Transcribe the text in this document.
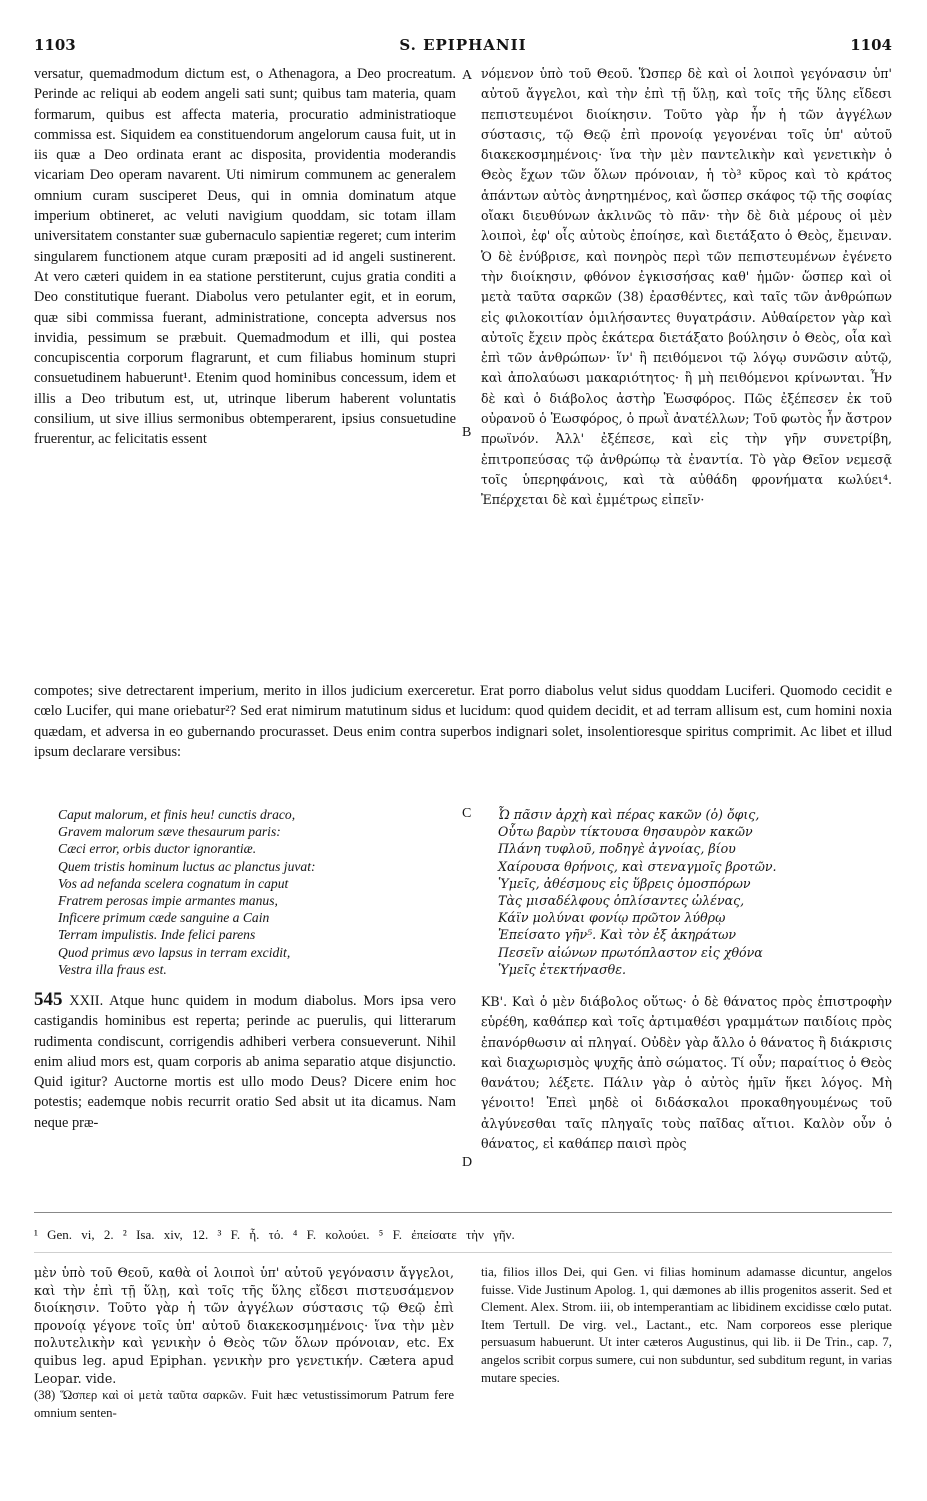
1103	S. EPIPHANII	1104

versatur, quemadmodum dictum est, o Athenagora, a Deo procreatum. Perinde ac reliqui ab eodem angeli sati sunt; quibus tam materia, quam formarum, quibus est affecta materia, procuratio administratioque commissa est. Siquidem ea constituendorum angelorum causa fuit, ut in iis quæ a Deo ordinata erant ac disposita, providentia moderandis vicariam Deo operam navarent. Uti nimirum communem ac generalem omnium curam susciperet Deus, qui in omnia dominatum atque imperium obtineret, ac veluti navigium quoddam, sic totam illam universitatem constanter suæ gubernaculo sapientiæ regeret; cum interim singularem functionem atque curam præpositi ad id angeli sustinerent. At vero cæteri quidem in ea statione perstiterunt, cujus gratia conditi a Deo constitutique fuerant. Diabolus vero petulanter egit, et in eorum, quæ sibi commissa fuerant, administratione, concepta adversus nos invidia, pessimum se præbuit. Quemadmodum et illi, qui postea concupiscentia corporum flagrarunt, et cum filiabus hominum stupri consuetudinem habuerunt¹. Etenim quod hominibus concessum, idem et illis a Deo tributum est, ut, utrinque liberum haberent voluntatis consilium, ut sive illius sermonibus obtemperarent, ipsius consuetudine fruerentur, ac felicitatis essent

A
B

νόμενον ὑπὸ τοῦ Θεοῦ. Ὥσπερ δὲ καὶ οἱ λοιποὶ γεγόνασιν ὑπ' αὐτοῦ ἄγγελοι, καὶ τὴν ἐπὶ τῇ ὕλῃ, καὶ τοῖς τῆς ὕλης εἴδεσι πεπιστευμένοι διοίκησιν. Τοῦτο γὰρ ἦν ἡ τῶν ἀγγέλων σύστασις, τῷ Θεῷ ἐπὶ προνοίᾳ γεγονέναι τοῖς ὑπ' αὐτοῦ διακεκοσμημένοις· ἵνα τὴν μὲν παντελικὴν καὶ γενετικὴν ὁ Θεὸς ἔχων τῶν ὅλων πρόνοιαν, ἡ τὸ³ κῦρος καὶ τὸ κράτος ἁπάντων αὐτὸς ἀνηρτημένος, καὶ ὥσπερ σκάφος τῷ τῆς σοφίας οἴακι διευθύνων ἀκλινῶς τὸ πᾶν· τὴν δὲ διὰ μέρους οἱ μὲν λοιποὶ, ἐφ' οἷς αὐτοὺς ἐποίησε, καὶ διετάξατο ὁ Θεὸς, ἔμειναν. Ὁ δὲ ἐνύβρισε, καὶ πονηρὸς περὶ τῶν πεπιστευμένων ἐγένετο τὴν διοίκησιν, φθόνον ἐγκισσήσας καθ' ἡμῶν· ὥσπερ καὶ οἱ μετὰ ταῦτα σαρκῶν (38) ἐρασθέντες, καὶ ταῖς τῶν ἀνθρώπων εἰς φιλοκοιτίαν ὁμιλήσαντες θυγατράσιν. Αὐθαίρετον γὰρ καὶ αὐτοῖς ἔχειν πρὸς ἑκάτερα διετάξατο βούλησιν ὁ Θεὸς, οἷα καὶ ἐπὶ τῶν ἀνθρώπων· ἵν' ἢ πειθόμενοι τῷ λόγῳ συνῶσιν αὐτῷ, καὶ ἀπολαύωσι μακαριότητος· ἢ μὴ πειθόμενοι κρίνωνται. Ἦν δὲ καὶ ὁ διάβολος ἀστὴρ Ἑωσφόρος. Πῶς ἐξέπεσεν ἐκ τοῦ οὐρανοῦ ὁ Ἑωσφόρος, ὁ πρωῒ ἀνατέλλων; Τοῦ φωτὸς ἦν ἄστρον πρωϊνόν. Ἀλλ' ἐξέπεσε, καὶ εἰς τὴν γῆν συνετρίβη, ἐπιτροπεύσας τῷ ἀνθρώπῳ τὰ ἐναντία. Τὸ γὰρ Θεῖον νεμεσᾷ τοῖς ὑπερηφάνοις, καὶ τὰ αὐθάδη φρονήματα κωλύει⁴. Ἐπέρχεται δὲ καὶ ἐμμέτρως εἰπεῖν·

compotes; sive detrectarent imperium, merito in illos judicium exerceretur. Erat porro diabolus velut sidus quoddam Luciferi. Quomodo cecidit e cœlo Lucifer, qui mane oriebatur²? Sed erat nimirum matutinum sidus et lucidum: quod quidem decidit, et ad terram allisum est, cum homini noxia quædam, et adversa in eo gubernando procurasset. Deus enim contra superbos indignari solet, insolentioresque spiritus comprimit. Ac libet et illud ipsum declarare versibus:
Caput malorum, et finis heu! cunctis draco,
Gravem malorum sæve thesaurum paris:
Cæci error, orbis ductor ignorantiæ.
Quem tristis hominum luctus ac planctus juvat:
Vos ad nefanda scelera cognatum in caput
Fratrem perosas impie armantes manus,
Inficere primum cæde sanguine a Cain
Terram impulistis. Inde felici parens
Quod primus ævo lapsus in terram excidit,
Vestra illa fraus est.
C Ὦ πᾶσιν ἀρχὴ καὶ πέρας κακῶν (ὁ) ὄφις,
Οὗτω βαρὺν τίκτουσα θησαυρὸν κακῶν
Πλάνη τυφλοῦ, ποδηγὲ ἀγνοίας, βίου
Χαίρουσα θρήνοις, καὶ στεναγμοῖς βροτῶν.
Ὑμεῖς, ἀθέσμους εἰς ὕβρεις ὁμοσπόρων
Τὰς μισαδέλφους ὁπλίσαντες ὠλένας,
Κάϊν μολύναι φονίῳ πρῶτον λύθρῳ
Ἐπείσατο γῆν⁵. Καὶ τὸν ἐξ ἀκηράτων
Πεσεῖν αἰώνων πρωτόπλαστον εἰς χθόνα
Ὑμεῖς ἐτεκτήνασθε.

545 XXII. Atque hunc quidem in modum diabolus. Mors ipsa vero castigandis hominibus est reperta; perinde ac puerulis, qui litterarum rudimenta condiscunt, corrigendis adhiberi verbera consueverunt. Nihil enim aliud mors est, quam corporis ab anima separatio atque disjunctio. Quid igitur? Auctorne mortis est ullo modo Deus? Dicere enim hoc potestis; eademque nobis recurrit oratio Sed absit ut ita dicamus. Nam neque præ-

D

ΚΒ'. Καὶ ὁ μὲν διάβολος οὕτως· ὁ δὲ θάνατος πρὸς ἐπιστροφὴν εὑρέθη, καθάπερ καὶ τοῖς ἀρτιμαθέσι γραμμάτων παιδίοις πρὸς ἐπανόρθωσιν αἱ πληγαί. Οὐδὲν γὰρ ἄλλο ὁ θάνατος ἢ διάκρισις καὶ διαχωρισμὸς ψυχῆς ἀπὸ σώματος. Τί οὖν; παραίτιος ὁ Θεὸς θανάτου; λέξετε. Πάλιν γὰρ ὁ αὐτὸς ἡμῖν ἥκει λόγος. Μὴ γένοιτο! Ἐπεὶ μηδὲ οἱ διδάσκαλοι προκαθηγουμένως τοῦ ἀλγύνεσθαι ταῖς πληγαῖς τοὺς παῖδας αἴτιοι. Καλὸν οὖν ὁ θάνατος, εἰ καθάπερ παισὶ πρὸς

¹ Gen. vi, 2. ² Isa. xiv, 12. ³ F. ἧ. τό. ⁴ F. κολούει. ⁵ F. ἐπείσατε τὴν γῆν.

μὲν ὑπὸ τοῦ Θεοῦ, καθὰ οἱ λοιποὶ ὑπ' αὐτοῦ γεγόνασιν ἄγγελοι, καὶ τὴν ἐπὶ τῇ ὕλῃ, καὶ τοῖς τῆς ὕλης εἴδεσι πιστευσάμενον διοίκησιν. Τοῦτο γὰρ ἡ τῶν ἀγγέλων σύστασις τῷ Θεῷ ἐπὶ προνοίᾳ γέγονε τοῖς ὑπ' αὐτοῦ διακεκοσμημένοις· ἵνα τὴν μὲν πολυτελικὴν καὶ γενικὴν ὁ Θεὸς τῶν ὅλων πρόνοιαν, etc. Ex quibus leg. apud Epiphan. γενικὴν pro γενετικήν. Cætera apud Leopar. vide.

(38) Ὥσπερ καὶ οἱ μετὰ ταῦτα σαρκῶν. Fuit hæc vetustissimorum Patrum fere omnium senten-

tia, filios illos Dei, qui Gen. vi filias hominum adamasse dicuntur, angelos fuisse. Vide Justinum Apolog. 1, qui dæmones ab illis progenitos asserit. Sed et Clement. Alex. Strom. iii, ob intemperantiam ac libidinem excidisse cœlo putat. Item Tertull. De virg. vel., Lactant., etc. Nam corporeos esse plerique persuasum habuerunt. Ut inter cæteros Augustinus, qui lib. ii De Trin., cap. 7, angelos scribit corpus sumere, cui non subduntur, sed subditum regunt, in varias mutare species.
